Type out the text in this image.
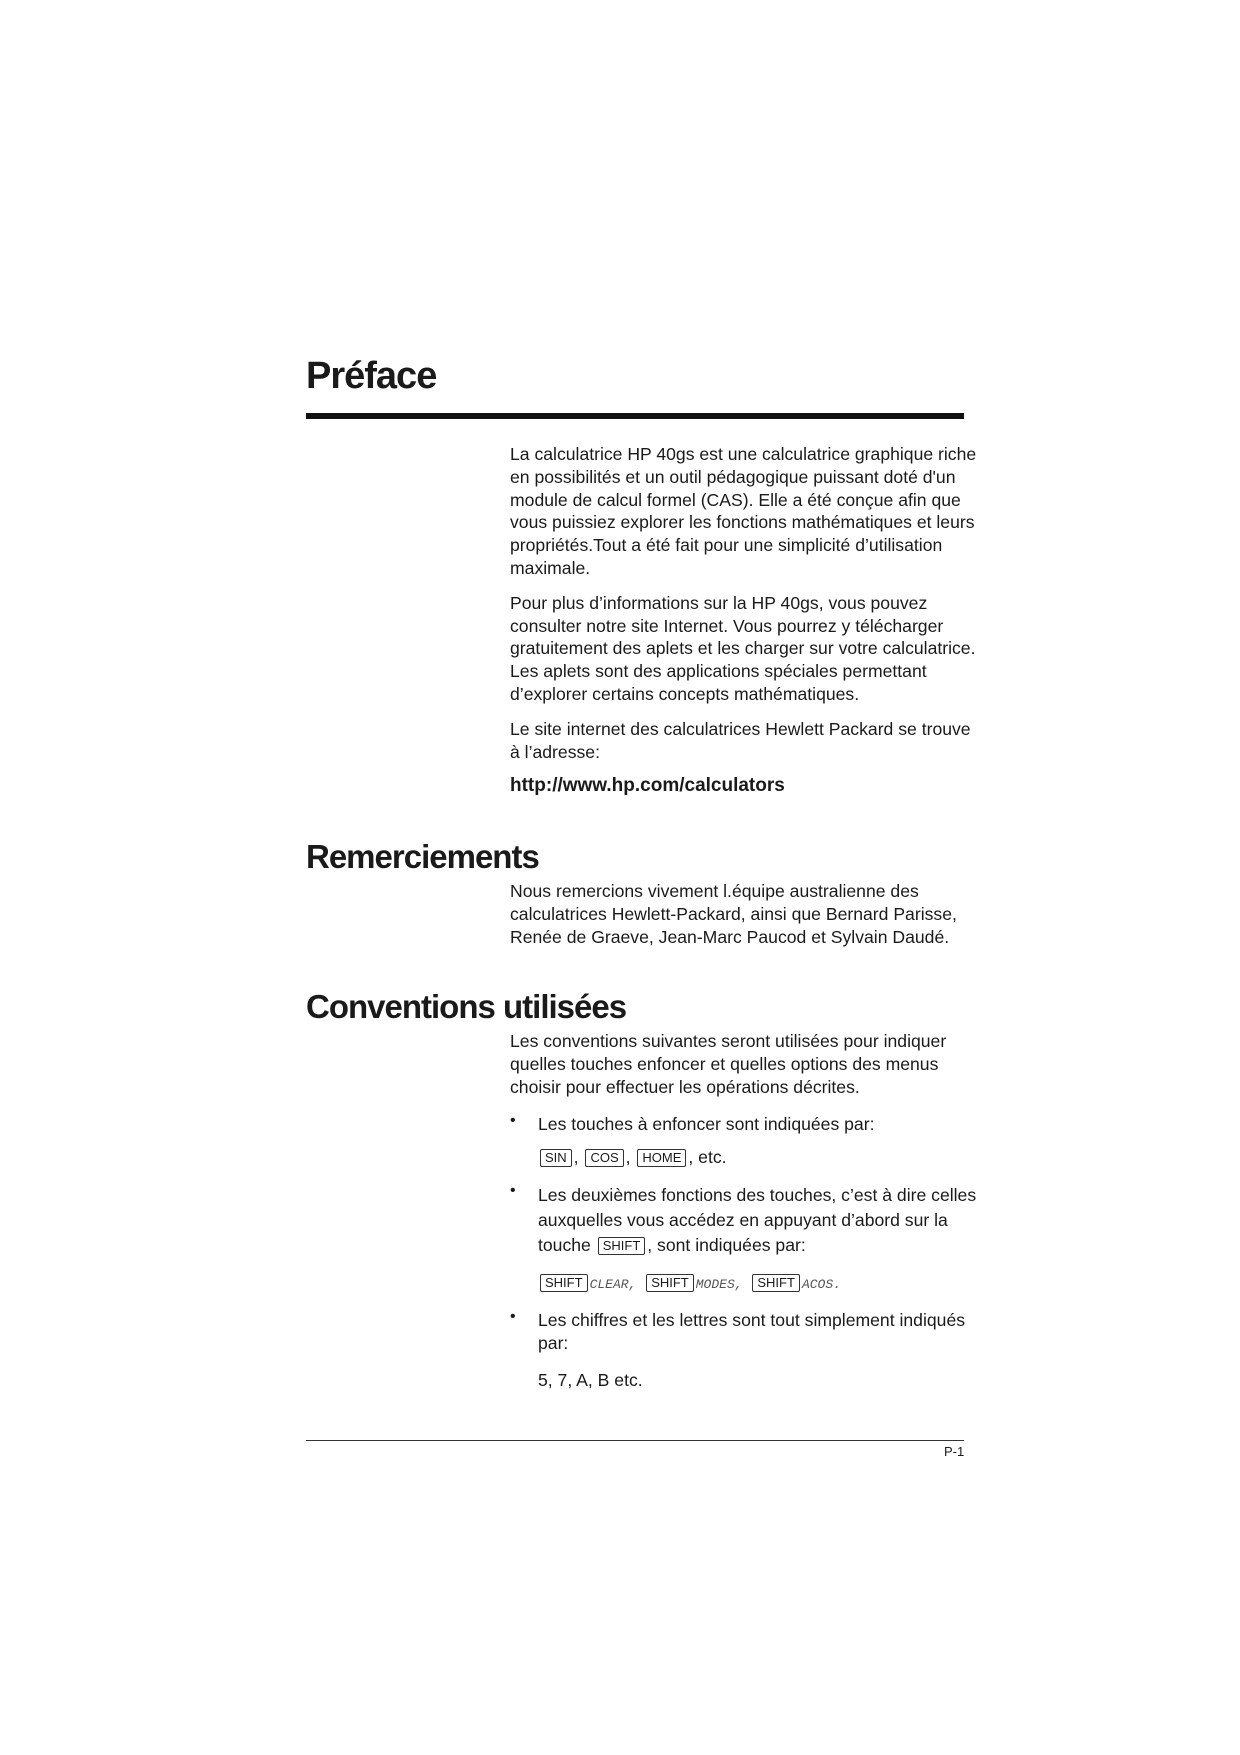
Préface

La calculatrice HP 40gs est une calculatrice graphique riche en possibilités et un outil pédagogique puissant doté d'un module de calcul formel (CAS). Elle a été conçue afin que vous puissiez explorer les fonctions mathématiques et leurs propriétés.Tout a été fait pour une simplicité d’utilisation maximale.

Pour plus d’informations sur la HP 40gs, vous pouvez consulter notre site Internet. Vous pourrez y télécharger gratuitement des aplets et les charger sur votre calculatrice. Les aplets sont des applications spéciales permettant d’explorer certains concepts mathématiques.

Le site internet des calculatrices Hewlett Packard se trouve à l’adresse:

http://www.hp.com/calculators

Remerciements

Nous remercions vivement l.équipe australienne des calculatrices Hewlett-Packard, ainsi que Bernard Parisse, Renée de Graeve, Jean-Marc Paucod et Sylvain Daudé.

Conventions utilisées

Les conventions suivantes seront utilisées pour indiquer quelles touches enfoncer et quelles options des menus choisir pour effectuer les opérations décrites.

• Les touches à enfoncer sont indiquées par:
SIN , COS , HOME , etc.
• Les deuxièmes fonctions des touches, c’est à dire celles auxquelles vous accédez en appuyant d’abord sur la touche SHIFT , sont indiquées par:
SHIFT CLEAR, SHIFT MODES, SHIFT ACOS.
• Les chiffres et les lettres sont tout simplement indiqués par:
5, 7, A, B etc.
P-1
